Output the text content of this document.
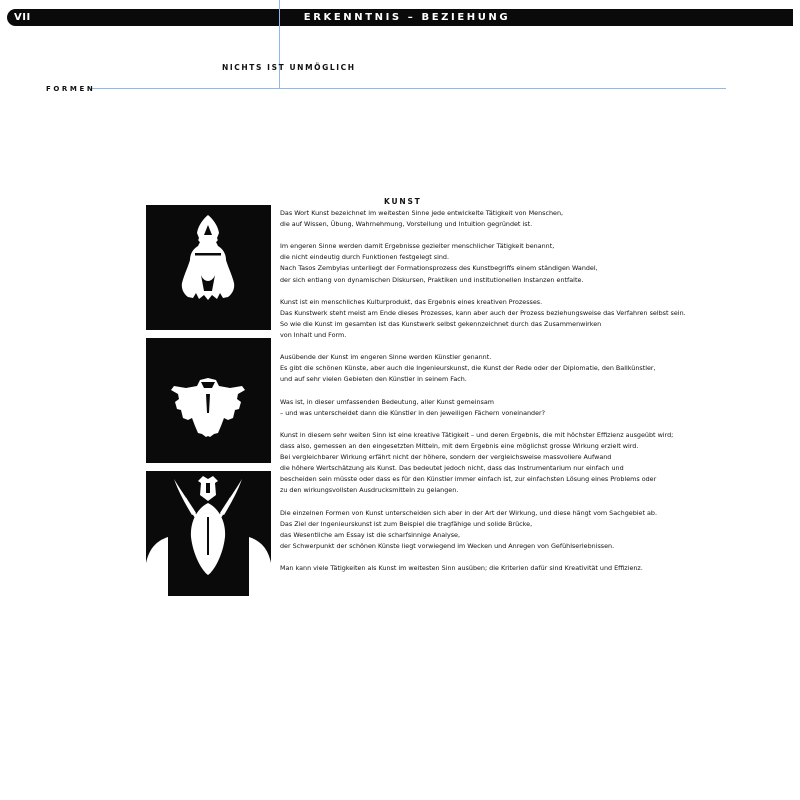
VII	ERKENNTNIS – BEZIEHUNG
NICHTS IST UNMÖGLICH
FORMEN
KUNST

Das Wort Kunst bezeichnet im weitesten Sinne jede entwickelte Tätigkeit von Menschen,
die auf Wissen, Übung, Wahrnehmung, Vorstellung und Intuition gegründet ist.

Im engeren Sinne werden damit Ergebnisse gezielter menschlicher Tätigkeit benannt,
die nicht eindeutig durch Funktionen festgelegt sind.
Nach Tasos Zembylas unterliegt der Formationsprozess des Kunstbegriffs einem ständigen Wandel,
der sich entlang von dynamischen Diskursen, Praktiken und institutionellen Instanzen entfalte.

Kunst ist ein menschliches Kulturprodukt, das Ergebnis eines kreativen Prozesses.
Das Kunstwerk steht meist am Ende dieses Prozesses, kann aber auch der Prozess beziehungsweise das Verfahren selbst sein.
So wie die Kunst im gesamten ist das Kunstwerk selbst gekennzeichnet durch das Zusammenwirken
von Inhalt und Form.

Ausübende der Kunst im engeren Sinne werden Künstler genannt.
Es gibt die schönen Künste, aber auch die Ingenieurskunst, die Kunst der Rede oder der Diplomatie, den Ballkünstler,
und auf sehr vielen Gebieten den Künstler in seinem Fach.

Was ist, in dieser umfassenden Bedeutung, aller Kunst gemeinsam
– und was unterscheidet dann die Künstler in den jeweiligen Fächern voneinander?

Kunst in diesem sehr weiten Sinn ist eine kreative Tätigkeit – und deren Ergebnis, die mit höchster Effizienz ausgeübt wird;
dass also, gemessen an den eingesetzten Mitteln, mit dem Ergebnis eine möglichst grosse Wirkung erzielt wird.
Bei vergleichbarer Wirkung erfährt nicht der höhere, sondern der vergleichsweise massvollere Aufwand
die höhere Wertschätzung als Kunst. Das bedeutet jedoch nicht, dass das Instrumentarium nur einfach und
bescheiden sein müsste oder dass es für den Künstler immer einfach ist, zur einfachsten Lösung eines Problems oder
zu den wirkungsvollsten Ausdrucksmitteln zu gelangen.

Die einzelnen Formen von Kunst unterscheiden sich aber in der Art der Wirkung, und diese hängt vom Sachgebiet ab.
Das Ziel der Ingenieurskunst ist zum Beispiel die tragfähige und solide Brücke,
das Wesentliche am Essay ist die scharfsinnige Analyse,
der Schwerpunkt der schönen Künste liegt vorwiegend im Wecken und Anregen von Gefühlserlebnissen.

Man kann viele Tätigkeiten als Kunst im weitesten Sinn ausüben; die Kriterien dafür sind Kreativität und Effizienz.
